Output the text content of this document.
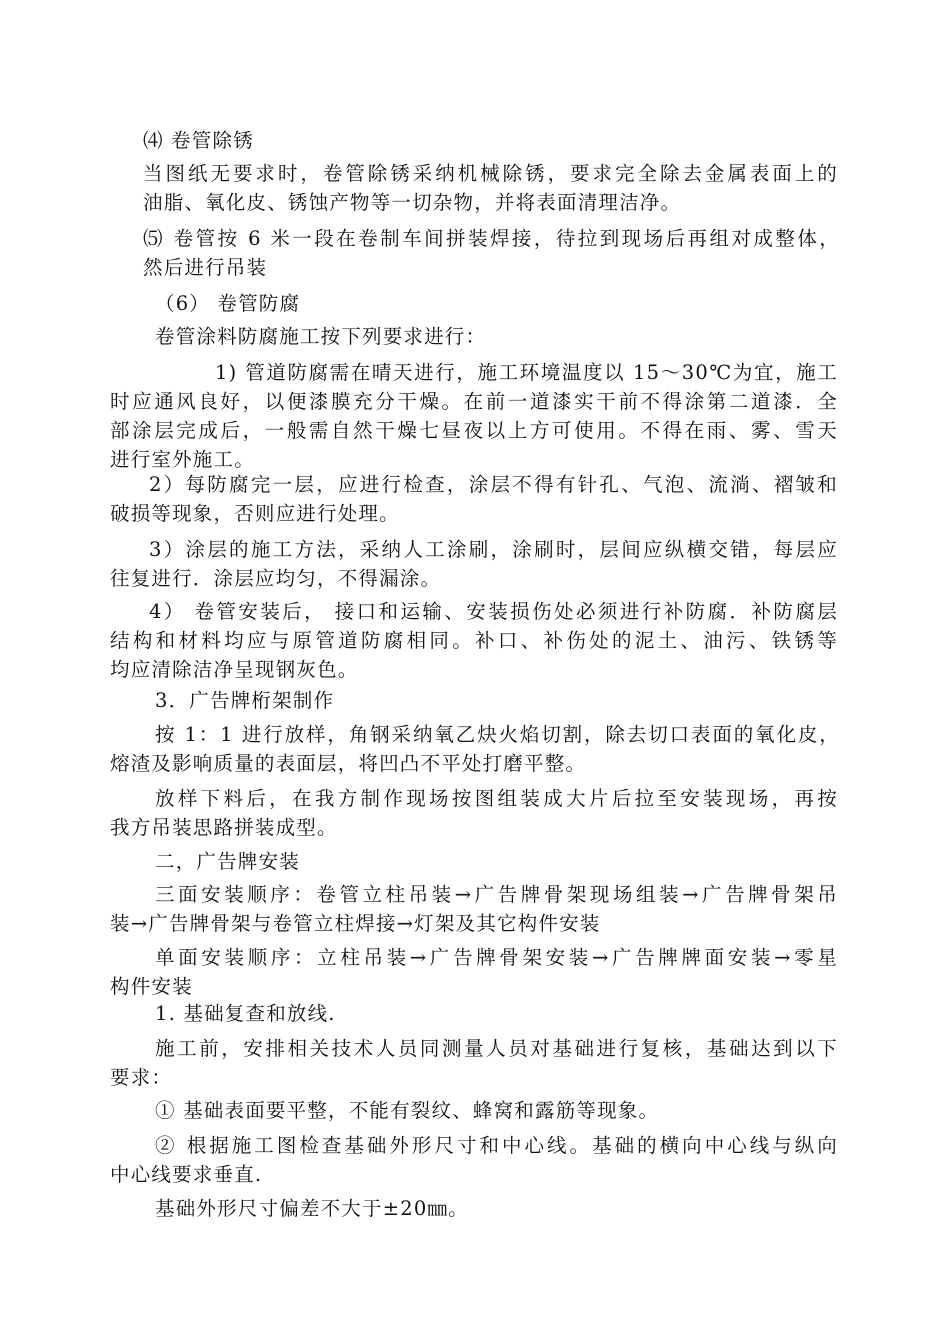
⑷ 卷管除锈
当图纸无要求时，卷管除锈采纳机械除锈，要求完全除去金属表面上的
油脂、氧化皮、锈蚀产物等一切杂物，并将表面清理洁净。
⑸ 卷管按 6 米一段在卷制车间拼装焊接，待拉到现场后再组对成整体，
然后进行吊装
（6） 卷管防腐
卷管涂料防腐施工按下列要求进行：
1) 管道防腐需在晴天进行，施工环境温度以 15～30℃为宜，施工
时应通风良好，以便漆膜充分干燥。在前一道漆实干前不得涂第二道漆．全
部涂层完成后，一般需自然干燥七昼夜以上方可使用。不得在雨、雾、雪天
进行室外施工。
2）每防腐完一层，应进行检查，涂层不得有针孔、气泡、流淌、褶皱和
破损等现象，否则应进行处理。
3）涂层的施工方法，采纳人工涂刷，涂刷时，层间应纵横交错，每层应
往复进行．涂层应均匀，不得漏涂。
4） 卷管安装后， 接口和运输、安装损伤处必须进行补防腐．补防腐层
结构和材料均应与原管道防腐相同。补口、补伤处的泥土、油污、铁锈等
均应清除洁净呈现钢灰色。
3．广告牌桁架制作
按 1：1 进行放样，角钢采纳氧乙炔火焰切割，除去切口表面的氧化皮，
熔渣及影响质量的表面层，将凹凸不平处打磨平整。
放样下料后，在我方制作现场按图组装成大片后拉至安装现场，再按
我方吊装思路拼装成型。
二，广告牌安装
三面安装顺序：卷管立柱吊装→广告牌骨架现场组装→广告牌骨架吊
装→广告牌骨架与卷管立柱焊接→灯架及其它构件安装
单面安装顺序：立柱吊装→广告牌骨架安装→广告牌牌面安装→零星
构件安装
1. 基础复查和放线.
施工前，安排相关技术人员同测量人员对基础进行复核，基础达到以下
要求：
① 基础表面要平整，不能有裂纹、蜂窝和露筋等现象。
② 根据施工图检查基础外形尺寸和中心线。基础的横向中心线与纵向
中心线要求垂直.
基础外形尺寸偏差不大于±20㎜。
